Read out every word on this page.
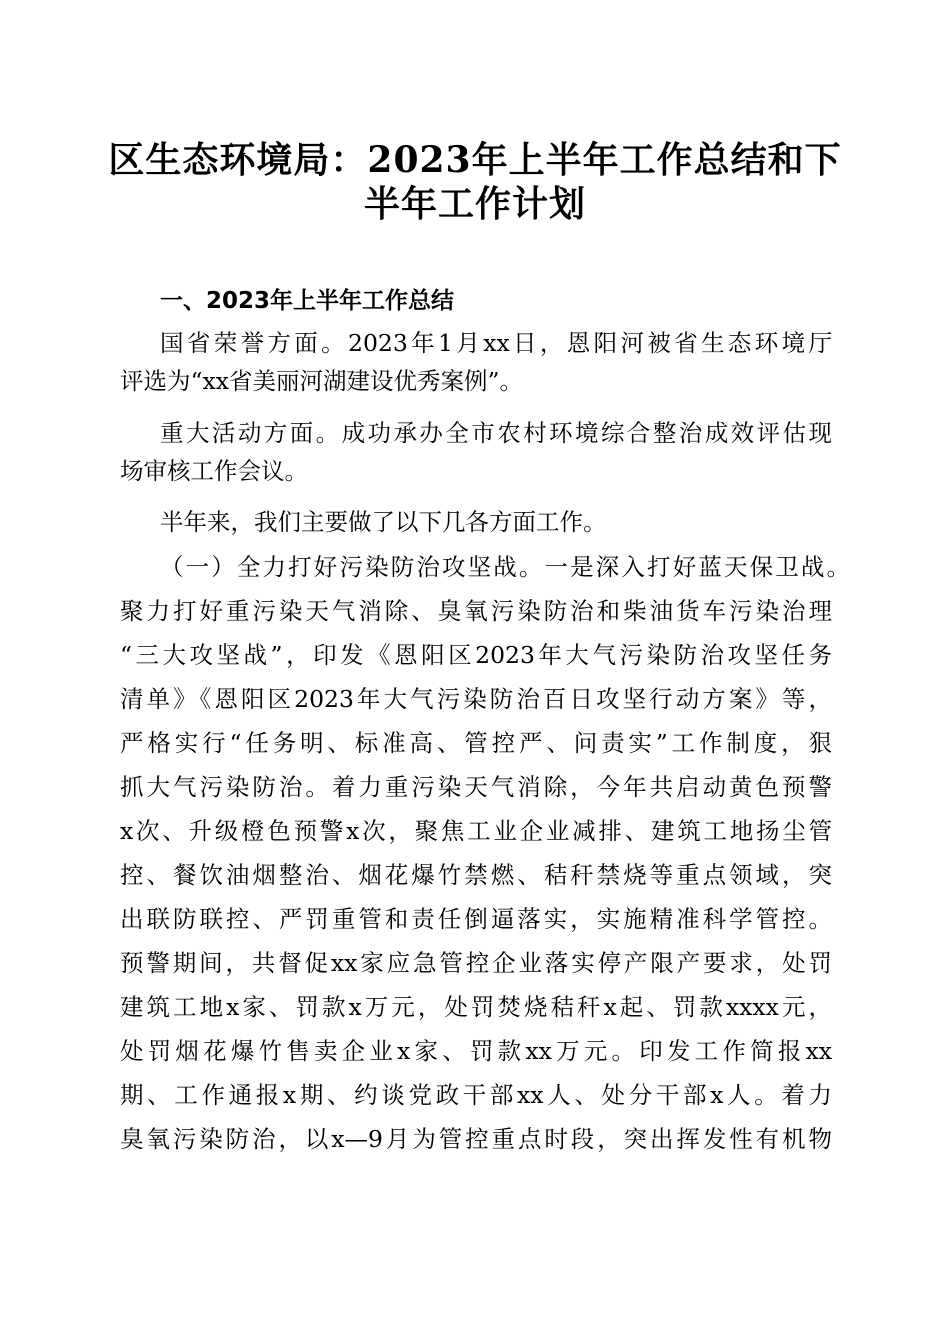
区生态环境局：2023年上半年工作总结和下
半年工作计划
一、2023年上半年工作总结

国省荣誉方面。2023年1月xx日，恩阳河被省生态环境厅

评选为“xx省美丽河湖建设优秀案例”。

重大活动方面。成功承办全市农村环境综合整治成效评估现

场审核工作会议。

半年来，我们主要做了以下几各方面工作。

（一）全力打好污染防治攻坚战。一是深入打好蓝天保卫战。

聚力打好重污染天气消除、臭氧污染防治和柴油货车污染治理

“三大攻坚战”，印发《恩阳区2023年大气污染防治攻坚任务

清单》《恩阳区2023年大气污染防治百日攻坚行动方案》等，

严格实行“任务明、标准高、管控严、问责实”工作制度，狠

抓大气污染防治。着力重污染天气消除，今年共启动黄色预警

x次、升级橙色预警x次，聚焦工业企业减排、建筑工地扬尘管

控、餐饮油烟整治、烟花爆竹禁燃、秸秆禁烧等重点领域，突

出联防联控、严罚重管和责任倒逼落实，实施精准科学管控。

预警期间，共督促xx家应急管控企业落实停产限产要求，处罚

建筑工地x家、罚款x万元，处罚焚烧秸秆x起、罚款xxxx元，

处罚烟花爆竹售卖企业x家、罚款xx万元。印发工作简报xx

期、工作通报x期、约谈党政干部xx人、处分干部x人。着力

臭氧污染防治，以x—9月为管控重点时段，突出挥发性有机物
